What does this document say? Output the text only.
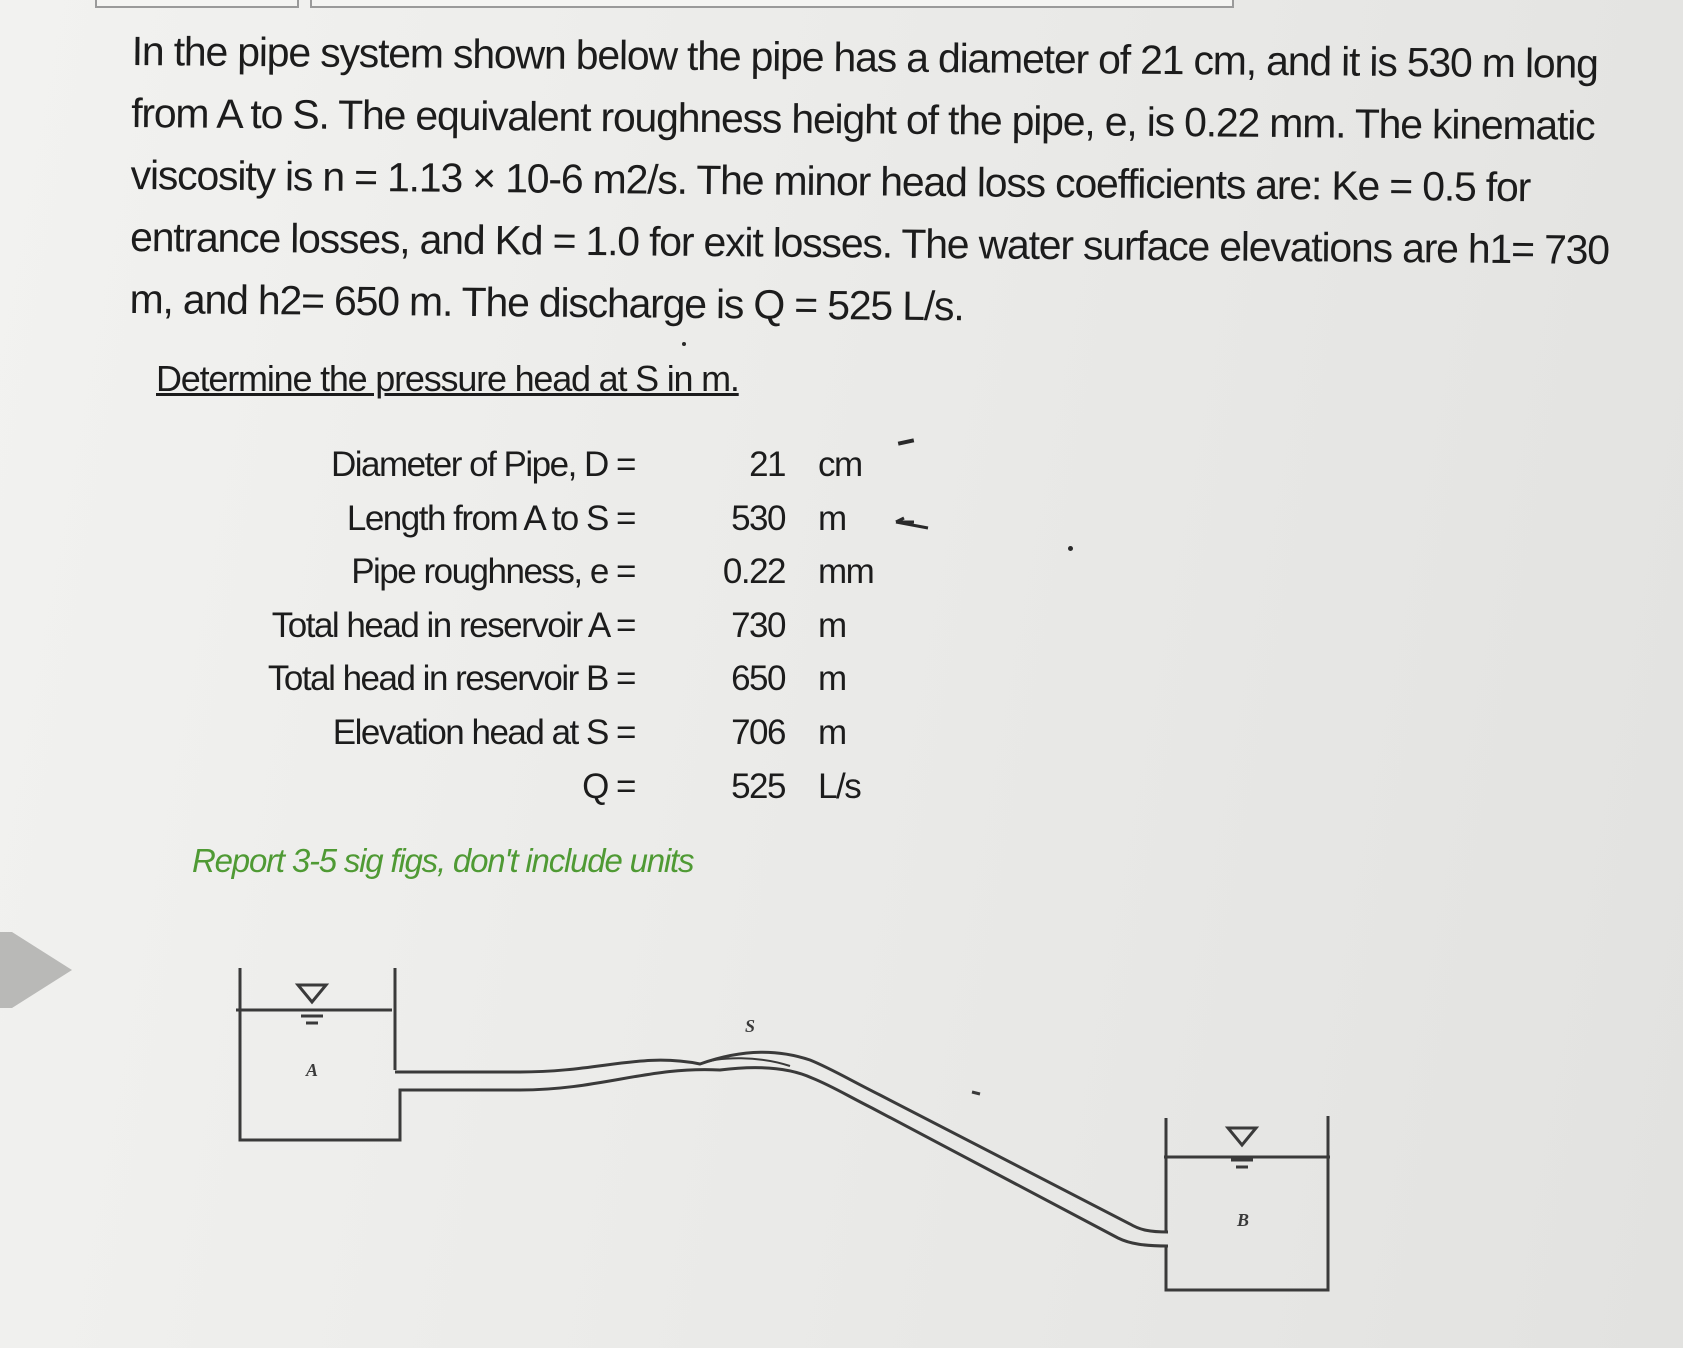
In the pipe system shown below the pipe has a diameter of 21 cm, and it is 530 m long from A to S. The equivalent roughness height of the pipe, e, is 0.22 mm. The kinematic viscosity is n = 1.13 × 10-6 m2/s. The minor head loss coefficients are: Ke = 0.5 for entrance losses, and Kd = 1.0 for exit losses. The water surface elevations are h1= 730 m, and h2= 650 m. The discharge is Q = 525 L/s.

Determine the pressure head at S in m.

Diameter of Pipe, D =	21 cm
Length from A to S =	530 m
Pipe roughness, e =	0.22 mm
Total head in reservoir A =	730 m
Total head in reservoir B =	650 m
Elevation head at S =	706 m
Q =	525 L/s

Report 3-5 sig figs, don't include units

A
S
B
